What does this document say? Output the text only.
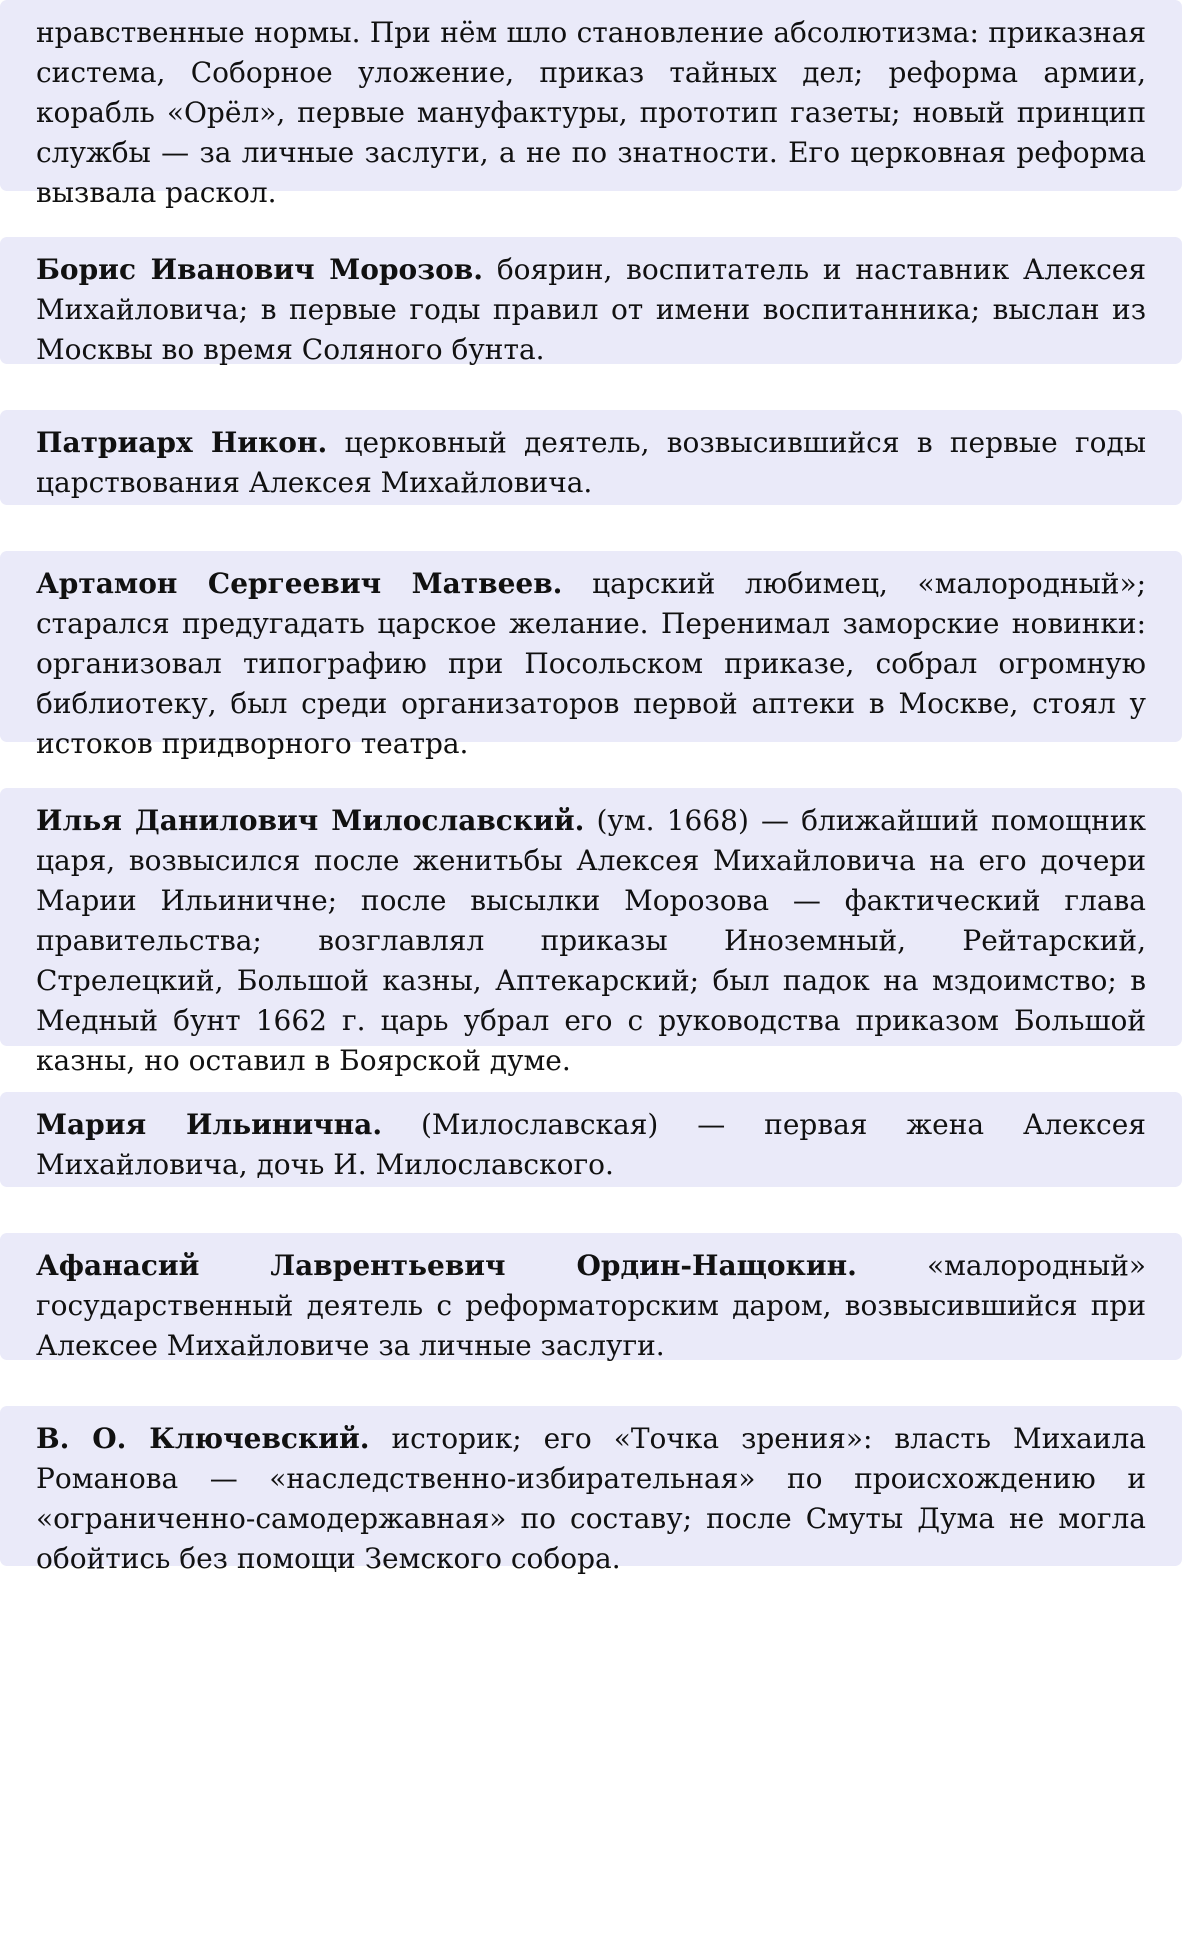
нравственные нормы. При нём шло становление абсолютизма: приказная система, Соборное уложение, приказ тайных дел; реформа армии, корабль «Орёл», первые мануфактуры, прототип газеты; новый принцип службы — за личные заслуги, а не по знатности. Его церковная реформа вызвала раскол.

Борис Иванович Морозов. боярин, воспитатель и наставник Алексея Михайловича; в первые годы правил от имени воспитанника; выслан из Москвы во время Соляного бунта.

Патриарх Никон. церковный деятель, возвысившийся в первые годы царствования Алексея Михайловича.

Артамон Сергеевич Матвеев. царский любимец, «малородный»; старался предугадать царское желание. Перенимал заморские новинки: организовал типографию при Посольском приказе, собрал огромную библиотеку, был среди организаторов первой аптеки в Москве, стоял у истоков придворного театра.

Илья Данилович Милославский. (ум. 1668) — ближайший помощник царя, возвысился после женитьбы Алексея Михайловича на его дочери Марии Ильиничне; после высылки Морозова — фактический глава правительства; возглавлял приказы Иноземный, Рейтарский, Стрелецкий, Большой казны, Аптекарский; был падок на мздоимство; в Медный бунт 1662 г. царь убрал его с руководства приказом Большой казны, но оставил в Боярской думе.

Мария Ильинична. (Милославская) — первая жена Алексея Михайловича, дочь И. Милославского.

Афанасий Лаврентьевич Ордин-Нащокин.	«малородный» государственный деятель с реформаторским даром, возвысившийся при Алексее Михайловиче за личные заслуги.

В. О. Ключевский. историк; его «Точка зрения»: власть Михаила Романова — «наследственно-избирательная» по происхождению и «ограниченно-самодержавная» по составу; после Смуты Дума не могла обойтись без помощи Земского собора.
